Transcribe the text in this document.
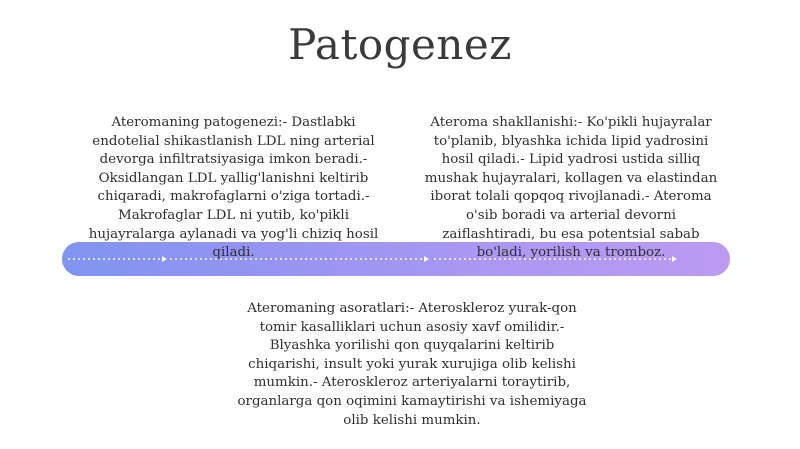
Patogenez

Ateromaning patogenezi:- Dastlabki endotelial shikastlanish LDL ning arterial devorga infiltratsiyasiga imkon beradi.- Oksidlangan LDL yallig'lanishni keltirib chiqaradi, makrofaglarni o'ziga tortadi.- Makrofaglar LDL ni yutib, ko'pikli hujayralarga aylanadi va yog'li chiziq hosil qiladi.

Ateroma shakllanishi:- Ko'pikli hujayralar to'planib, blyashka ichida lipid yadrosini hosil qiladi.- Lipid yadrosi ustida silliq mushak hujayralari, kollagen va elastindan iborat tolali qopqoq rivojlanadi.- Ateroma o'sib boradi va arterial devorni zaiflashtiradi, bu esa potentsial sabab bo'ladi, yorilish va tromboz.

Ateromaning asoratlari:- Ateroskleroz yurak-qon tomir kasalliklari uchun asosiy xavf omilidir.- Blyashka yorilishi qon quyqalarini keltirib chiqarishi, insult yoki yurak xurujiga olib kelishi mumkin.- Ateroskleroz arteriyalarni toraytirib, organlarga qon oqimini kamaytirishi va ishemiyaga olib kelishi mumkin.
